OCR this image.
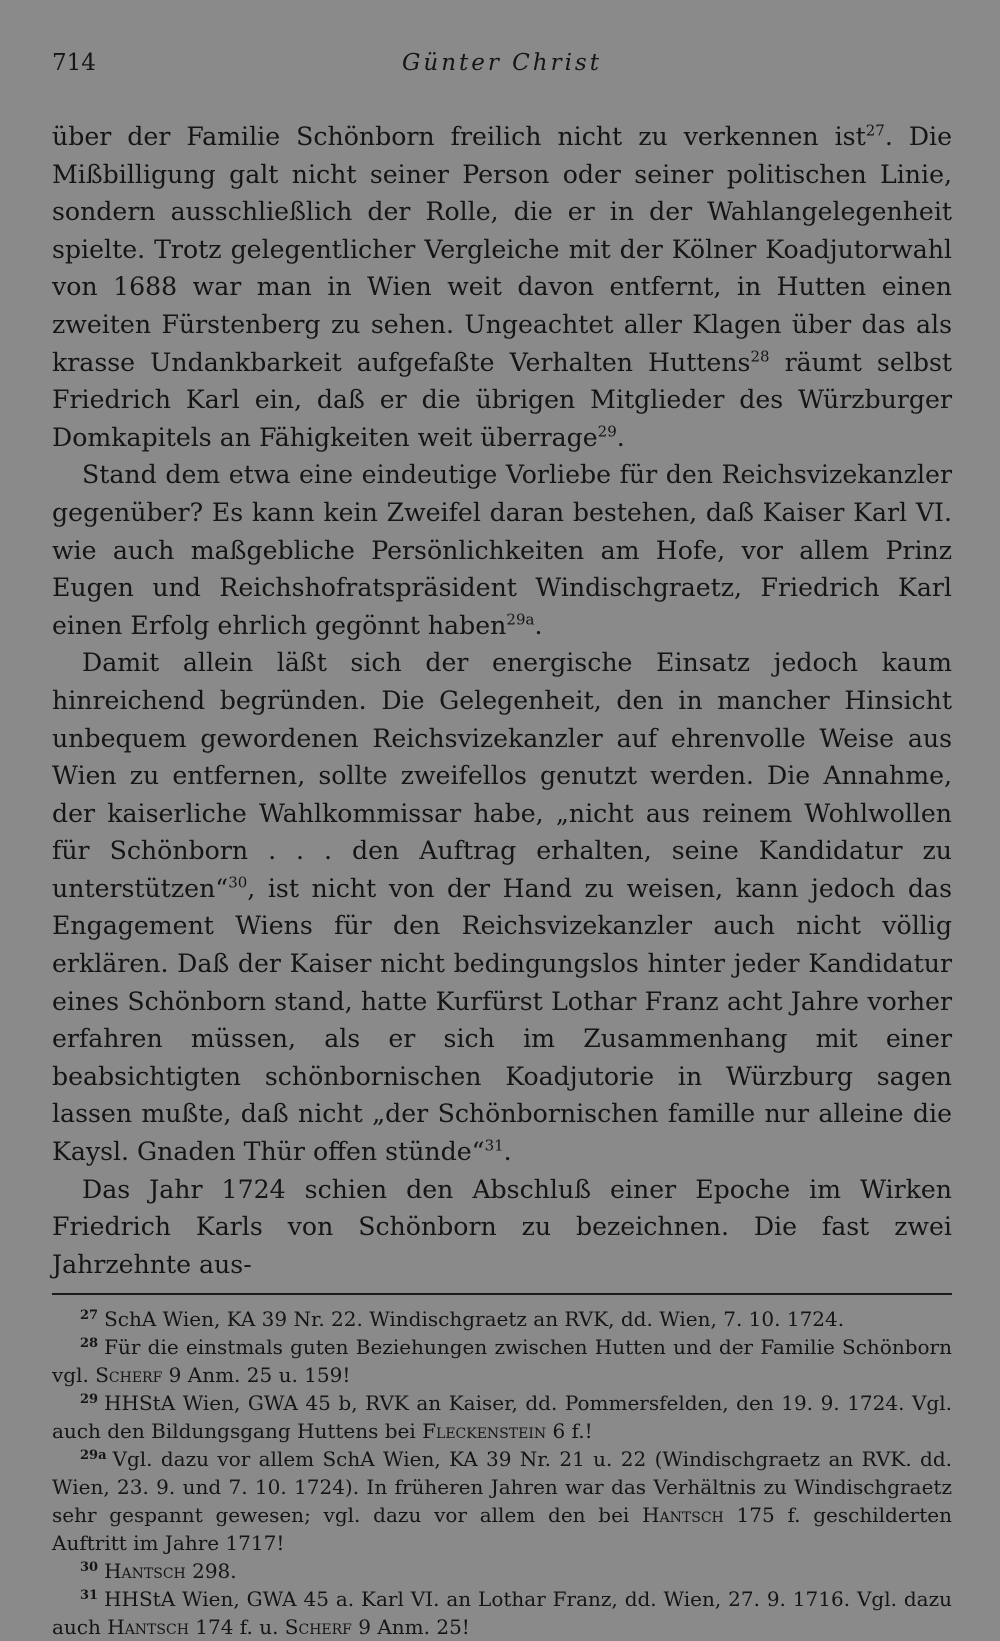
714	Günter Christ

über der Familie Schönborn freilich nicht zu verkennen ist$^{27}$. Die Mißbilligung galt nicht seiner Person oder seiner politischen Linie, sondern ausschließlich der Rolle, die er in der Wahlangelegenheit spielte. Trotz gelegentlicher Vergleiche mit der Kölner Koadjutorwahl von 1688 war man in Wien weit davon entfernt, in Hutten einen zweiten Fürstenberg zu sehen. Ungeachtet aller Klagen über das als krasse Undankbarkeit aufgefaßte Verhalten Huttens$^{28}$ räumt selbst Friedrich Karl ein, daß er die übrigen Mitglieder des Würzburger Domkapitels an Fähigkeiten weit überrage$^{29}$.

Stand dem etwa eine eindeutige Vorliebe für den Reichsvizekanzler gegenüber? Es kann kein Zweifel daran bestehen, daß Kaiser Karl VI. wie auch maßgebliche Persönlichkeiten am Hofe, vor allem Prinz Eugen und Reichshofratspräsident Windischgraetz, Friedrich Karl einen Erfolg ehrlich gegönnt haben$^{29a}$.

Damit allein läßt sich der energische Einsatz jedoch kaum hinreichend begründen. Die Gelegenheit, den in mancher Hinsicht unbequem gewordenen Reichsvizekanzler auf ehrenvolle Weise aus Wien zu entfernen, sollte zweifellos genutzt werden. Die Annahme, der kaiserliche Wahlkommissar habe, „nicht aus reinem Wohlwollen für Schönborn . . . den Auftrag erhalten, seine Kandidatur zu unterstützen“$^{30}$, ist nicht von der Hand zu weisen, kann jedoch das Engagement Wiens für den Reichsvizekanzler auch nicht völlig erklären. Daß der Kaiser nicht bedingungslos hinter jeder Kandidatur eines Schönborn stand, hatte Kurfürst Lothar Franz acht Jahre vorher erfahren müssen, als er sich im Zusammenhang mit einer beabsichtigten schönbornischen Koadjutorie in Würzburg sagen lassen mußte, daß nicht „der Schönbornischen famille nur alleine die Kaysl. Gnaden Thür offen stünde“$^{31}$.

Das Jahr 1724 schien den Abschluß einer Epoche im Wirken Friedrich Karls von Schönborn zu bezeichnen. Die fast zwei Jahrzehnte aus-

$^{27}$ SchA Wien, KA 39 Nr. 22. Windischgraetz an RVK, dd. Wien, 7. 10. 1724.

$^{28}$ Für die einstmals guten Beziehungen zwischen Hutten und der Familie Schönborn vgl. Scherf 9 Anm. 25 u. 159!

$^{29}$ HHStA Wien, GWA 45 b, RVK an Kaiser, dd. Pommersfelden, den 19. 9. 1724. Vgl. auch den Bildungsgang Huttens bei Fleckenstein 6 f.!

$^{29a}$ Vgl. dazu vor allem SchA Wien, KA 39 Nr. 21 u. 22 (Windischgraetz an RVK. dd. Wien, 23. 9. und 7. 10. 1724). In früheren Jahren war das Verhältnis zu Windischgraetz sehr gespannt gewesen; vgl. dazu vor allem den bei Hantsch 175 f. geschilderten Auftritt im Jahre 1717!

$^{30}$ Hantsch 298.

$^{31}$ HHStA Wien, GWA 45 a. Karl VI. an Lothar Franz, dd. Wien, 27. 9. 1716. Vgl. dazu auch Hantsch 174 f. u. Scherf 9 Anm. 25!
